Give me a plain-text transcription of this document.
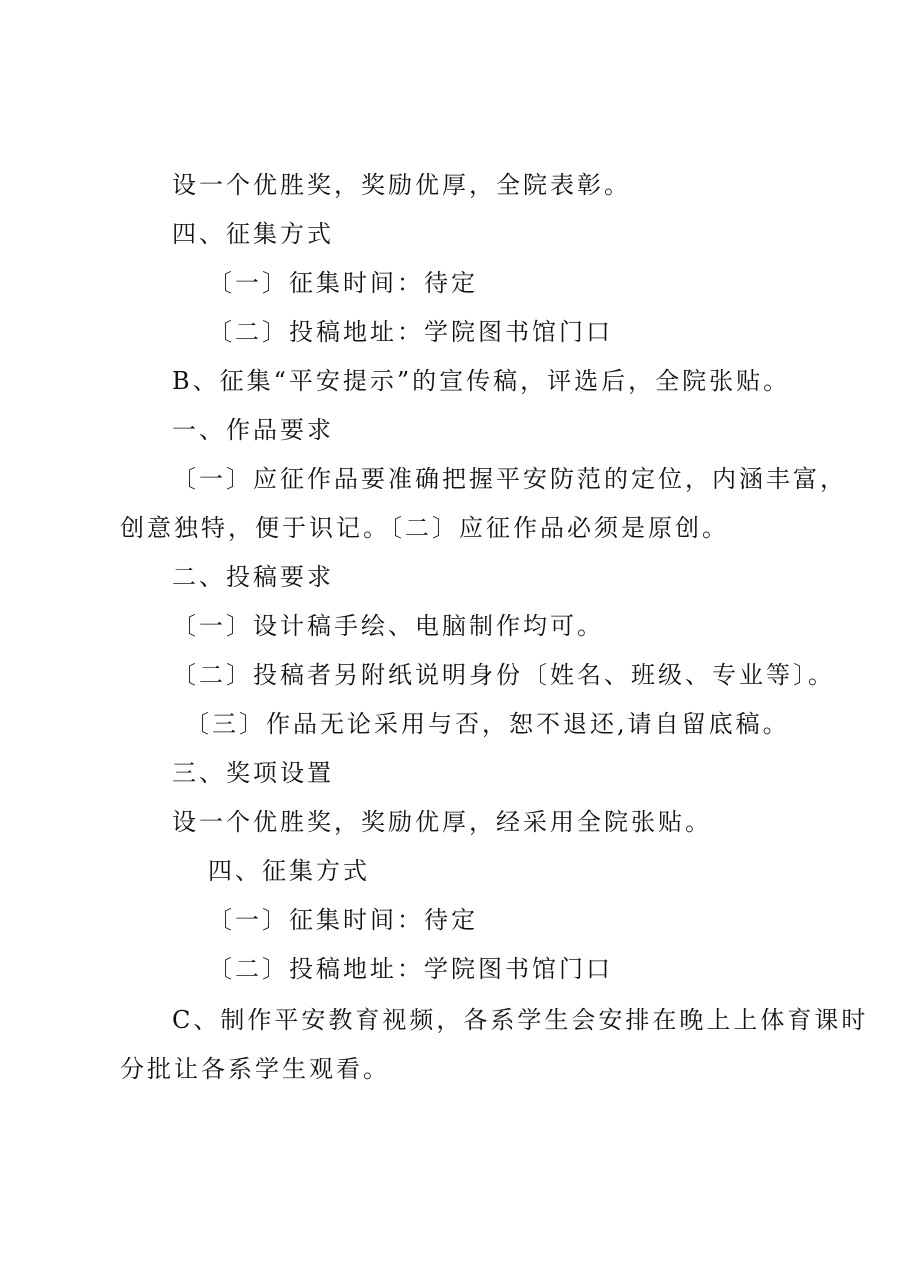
设一个优胜奖，奖励优厚，全院表彰。
四、征集方式
〔一〕征集时间：待定
〔二〕投稿地址：学院图书馆门口
B、征集“平安提示”的宣传稿，评选后，全院张贴。
一、作品要求
〔一〕应征作品要准确把握平安防范的定位，内涵丰富，
创意独特，便于识记。〔二〕应征作品必须是原创。
二、投稿要求
〔一〕设计稿手绘、电脑制作均可。
〔二〕投稿者另附纸说明身份〔姓名、班级、专业等〕。
〔三〕作品无论采用与否，恕不退还,请自留底稿。
三、奖项设置
设一个优胜奖，奖励优厚，经采用全院张贴。
四、征集方式
〔一〕征集时间：待定
〔二〕投稿地址：学院图书馆门口
C、制作平安教育视频，各系学生会安排在晚上上体育课时
分批让各系学生观看。
